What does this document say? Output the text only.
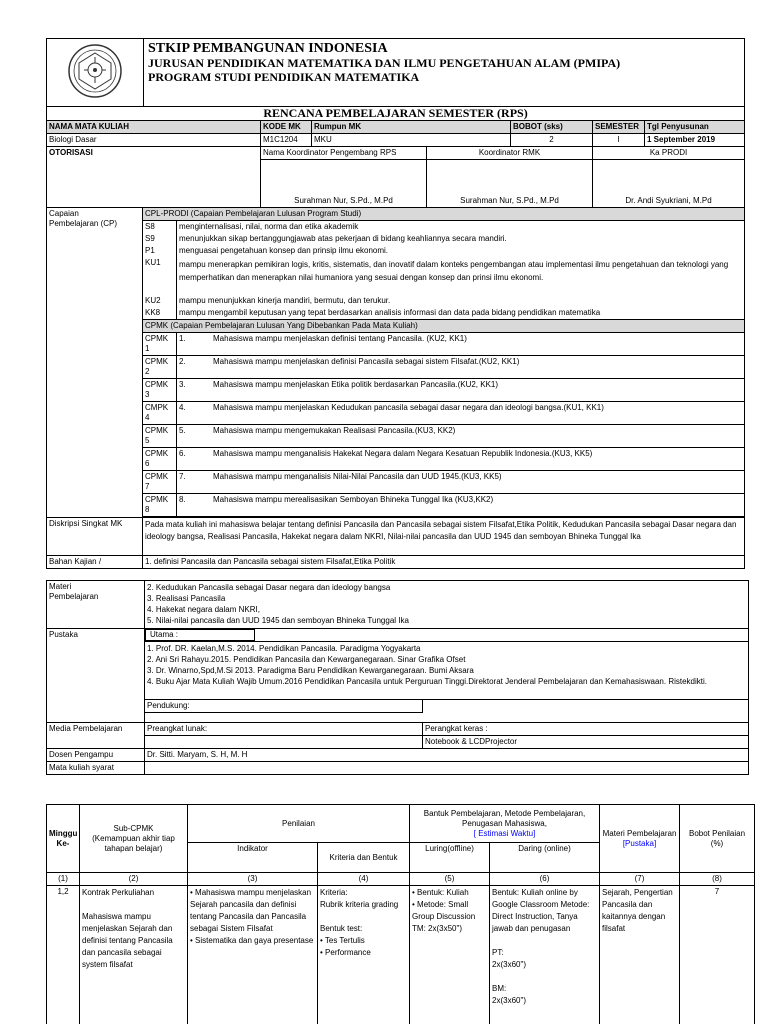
STKIP PEMBANGUNAN INDONESIA
JURUSAN PENDIDIKAN MATEMATIKA DAN ILMU PENGETAHUAN ALAM (PMIPA)
PROGRAM STUDI PENDIDIKAN MATEMATIKA
RENCANA PEMBELAJARAN SEMESTER (RPS)								
NAMA MATA KULIAH			KODE MK	Rumpun MK		BOBOT (sks)	SEMESTER	Tgl Penyusunan
Biologi Dasar			M1C1204	MKU		2	I	1 September 2019
OTORISASI			Nama Koordinator Pengembang RPS		Koordinator RMK		Ka PRODI	
			Surahman Nur, S.Pd., M.Pd		Surahman Nur, S.Pd., M.Pd		Dr. Andi Syukriani, M.Pd	

Capaian
Pembelajaran (CP)	CPL-PRODI (Capaian Pembelajaran Lulusan Program Studi)							
	S8	menginternalisasi, nilai, norma dan etika akademik						
	S9	menunjukkan sikap bertanggungjawab atas pekerjaan di bidang keahliannya secara mandiri.						
	P1	menguasai pengetahuan konsep dan prinsip ilmu ekonomi.						
	KU1	mampu menerapkan pemikiran logis, kritis, sistematis, dan inovatif dalam konteks pengembangan atau implementasi ilmu pengetahuan dan teknologi yang memperhatikan dan menerapkan nilai humaniora yang sesuai dengan konsep dan prinsi ilmu ekonomi.						
	KU2	mampu menunjukkan kinerja mandiri, bermutu, dan terukur.						
	KK8	mampu mengambil keputusan yang tepat berdasarkan analisis informasi dan data pada bidang pendidikan matematika						
	CPMK (Capaian Pembelajaran Lulusan Yang Dibebankan Pada Mata Kuliah)							
	CPMK 1	1. Mahasiswa mampu menjelaskan definisi tentang Pancasila. (KU2, KK1)						
	CPMK 2	2. Mahasiswa mampu menjelaskan definisi Pancasila sebagai sistem Filsafat.(KU2, KK1)						
	CPMK 3	3. Mahasiswa mampu menjelaskan Etika politik berdasarkan Pancasila.(KU2, KK1)						
	CMPK 4	4. Mahasiswa mampu menjelaskan Kedudukan pancasila sebagai dasar negara dan ideologi bangsa.(KU1, KK1)						
	CPMK 5	5. Mahasiswa mampu mengemukakan Realisasi Pancasila.(KU3, KK2)						
	CPMK 6	6. Mahasiswa mampu menganalisis Hakekat Negara dalam Negara Kesatuan Republik Indonesia.(KU3, KK5)						
	CPMK 7	7. Mahasiswa mampu menganalisis Nilai-Nilai Pancasila dan UUD 1945.(KU3, KK5)						
	CPMK 8	8. Mahasiswa mampu merealisasikan Semboyan Bhineka Tunggal Ika (KU3,KK2)						

Diskripsi Singkat MK	Pada mata kuliah ini mahasiswa belajar tentang definisi Pancasila dan Pancasila sebagai sistem Filsafat,Etika Politik, Kedudukan Pancasila sebagai Dasar negara dan ideology bangsa, Realisasi Pancasila, Hakekat negara dalam NKRI, Nilai-nilai pancasila dan UUD 1945 dan semboyan Bhineka Tunggal Ika							
Bahan Kajian /	1. definisi Pancasila dan Pancasila sebagai sistem Filsafat,Etika Politik							
Materi
Pembelajaran	2. Kedudukan Pancasila sebagai Dasar negara dan ideology bangsa
3. Realisasi Pancasila
4. Hakekat negara dalam NKRI,
5. Nilai-nilai pancasila dan UUD 1945 dan semboyan Bhineka Tunggal Ika	

Pustaka	Utama :	

	1. Prof. DR. Kaelan,M.S. 2014. Pendidikan Pancasila. Paradigma Yogyakarta
2. Ani Sri Rahayu.2015. Pendidikan Pancasila dan Kewarganegaraan. Sinar Grafika Ofset
3. Dr. Winarno,Spd,M.Si 2013. Paradigma Baru Pendidikan Kewarganegaraan. Bumi Aksara
4. Buku Ajar Mata Kuliah Wajib Umum.2016 Pendidikan Pancasila untuk Perguruan Tinggi.Direktorat Jenderal Pembelajaran dan Kemahasiswaan. Ristekdikti.	

	Pendukung:	

Media Pembelajaran	Preangkat lunak:	Perangkat keras :
		Notebook & LCDProjector
Dosen Pengampu	Dr. Sitti. Maryam, S. H, M. H	
Mata kuliah syarat		
Minggu Ke-	Sub-CPMK
(Kemampuan akhir tiap tahapan belajar)	Penilaian		Bantuk Pembelajaran, Metode Pembelajaran, Penugasan Mahasiswa,
[ Estimasi Waktu]		Materi Pembelajaran
[Pustaka]	Bobot Penilaian (%)
		Indikator	Kriteria dan Bentuk	Luring(offline)	Daring (online)		
(1)	(2)	(3)	(4)	(5)	(6)	(7)	(8)
1,2	Kontrak Perkuliahan

Mahasiswa mampu menjelaskan Sejarah dan definisi tentang Pancasila dan pancasila sebagai system filsafat	• Mahasiswa mampu menjelaskan Sejarah pancasila dan definisi tentang Pancasila dan Pancasila sebagai Sistem Filsafat
• Sistematika dan gaya presentase	Kriteria:
Rubrik kriteria grading

Bentuk test:
• Tes Tertulis
• Performance	• Bentuk: Kuliah
• Metode: Small Group Discussion
TM: 2x(3x50")	Bentuk: Kuliah online by Google Classroom Metode: Direct Instruction, Tanya jawab dan penugasan

PT:
2x(3x60")

BM:
2x(3x60")	Sejarah, Pengertian Pancasila dan kaitannya dengan filsafat	7
